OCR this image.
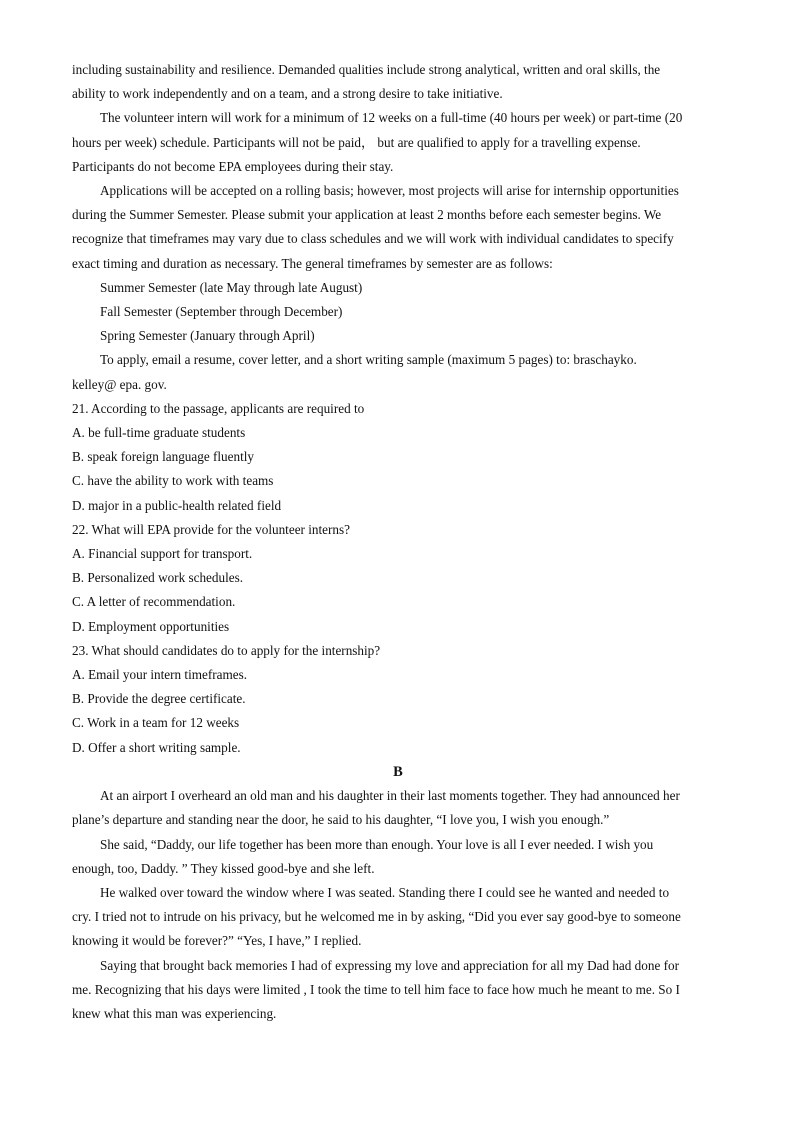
including sustainability and resilience. Demanded qualities include strong analytical, written and oral skills, the

ability to work independently and on a team, and a strong desire to take initiative.

The volunteer intern will work for a minimum of 12 weeks on a full-time (40 hours per week) or part-time (20

hours per week) schedule. Participants will not be paid， but are qualified to apply for a travelling expense.

Participants do not become EPA employees during their stay.

Applications will be accepted on a rolling basis; however, most projects will arise for internship opportunities

during the Summer Semester. Please submit your application at least 2 months before each semester begins. We

recognize that timeframes may vary due to class schedules and we will work with individual candidates to specify

exact timing and duration as necessary. The general timeframes by semester are as follows:

Summer Semester (late May through late August)

Fall Semester (September through December)

Spring Semester (January through April)

To apply, email a resume, cover letter, and a short writing sample (maximum 5 pages) to: braschayko.

kelley@ epa. gov.

21. According to the passage, applicants are required to

A. be full-time graduate students

B. speak foreign language fluently

C. have the ability to work with teams

D. major in a public-health related field

22. What will EPA provide for the volunteer interns?

A. Financial support for transport.

B. Personalized work schedules.

C. A letter of recommendation.

D. Employment opportunities

23. What should candidates do to apply for the internship?

A. Email your intern timeframes.

B. Provide the degree certificate.

C. Work in a team for 12 weeks

D. Offer a short writing sample.

B

At an airport I overheard an old man and his daughter in their last moments together. They had announced her

plane’s departure and standing near the door, he said to his daughter, “I love you, I wish you enough.”

She said, “Daddy, our life together has been more than enough. Your love is all I ever needed. I wish you

enough, too, Daddy. ” They kissed good-bye and she left.

He walked over toward the window where I was seated. Standing there I could see he wanted and needed to

cry. I tried not to intrude on his privacy, but he welcomed me in by asking, “Did you ever say good-bye to someone

knowing it would be forever?” “Yes, I have,” I replied.

Saying that brought back memories I had of expressing my love and appreciation for all my Dad had done for

me. Recognizing that his days were limited , I took the time to tell him face to face how much he meant to me. So I

knew what this man was experiencing.
